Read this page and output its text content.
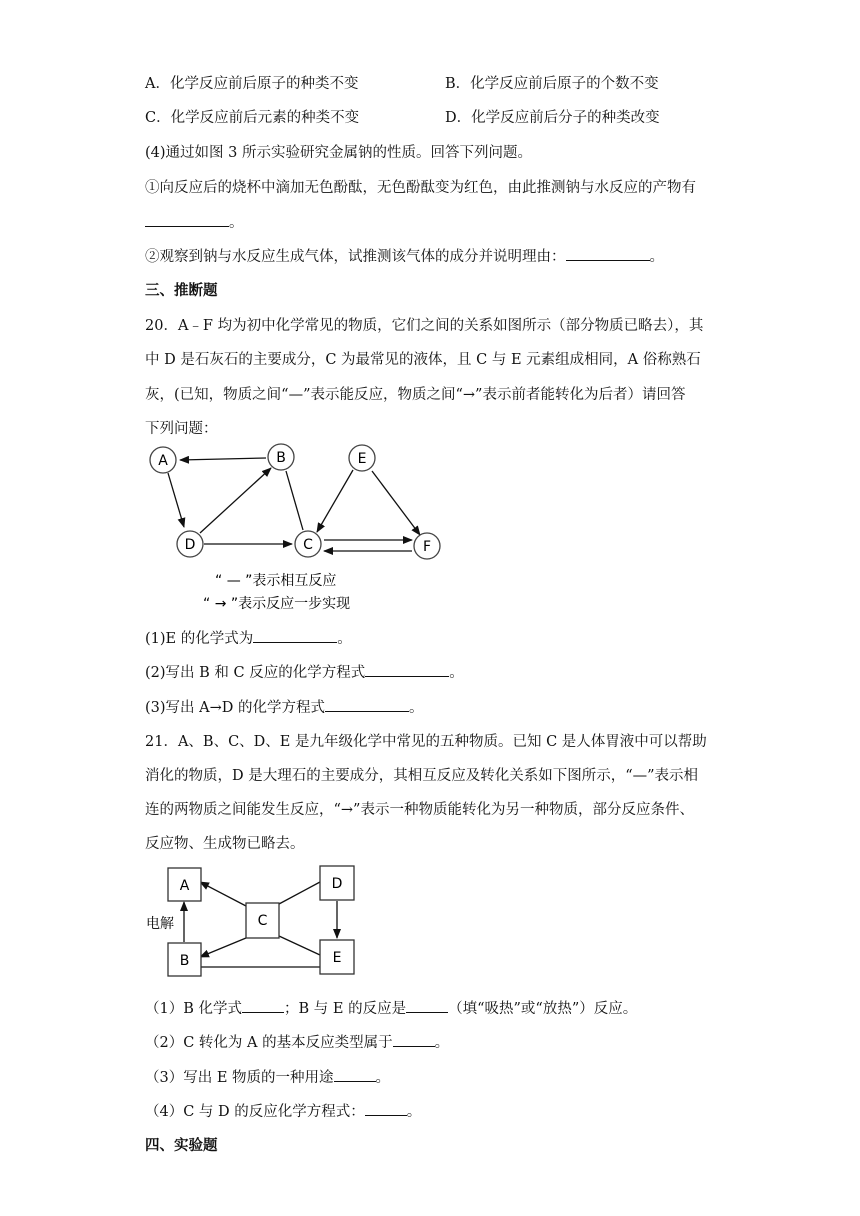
A．化学反应前后原子的种类不变	B．化学反应前后原子的个数不变
C．化学反应前后元素的种类不变	D．化学反应前后分子的种类改变
(4)通过如图 3 所示实验研究金属钠的性质。回答下列问题。
①向反应后的烧杯中滴加无色酚酞，无色酚酞变为红色，由此推测钠与水反应的产物有
。
②观察到钠与水反应生成气体，试推测该气体的成分并说明理由：	。
三、推断题
20．A﹣F 均为初中化学常见的物质，它们之间的关系如图所示（部分物质已略去），其
中 D 是石灰石的主要成分，C 为最常见的液体，且 C 与 E 元素组成相同，A 俗称熟石
灰，(已知，物质之间“—”表示能反应，物质之间“→”表示前者能转化为后者）请回答
下列问题：
A	B
D	C
E
F
“ — ”表示相互反应
“ → ”表示反应一步实现
(1)E 的化学式为	。
(2)写出 B 和 C 反应的化学方程式	。
(3)写出 A→D 的化学方程式	。
21．A、B、C、D、E 是九年级化学中常见的五种物质。已知 C 是人体胃液中可以帮助
消化的物质，D 是大理石的主要成分，其相互反应及转化关系如下图所示，“—”表示相
连的两物质之间能发生反应，“→”表示一种物质能转化为另一种物质，部分反应条件、
反应物、生成物已略去。
A
B
C
D
E
电解
（1）B 化学式	；B 与 E 的反应是	（填“吸热”或“放热”）反应。
（2）C 转化为 A 的基本反应类型属于	。
（3）写出 E 物质的一种用途	。
（4）C 与 D 的反应化学方程式：	。
四、实验题
